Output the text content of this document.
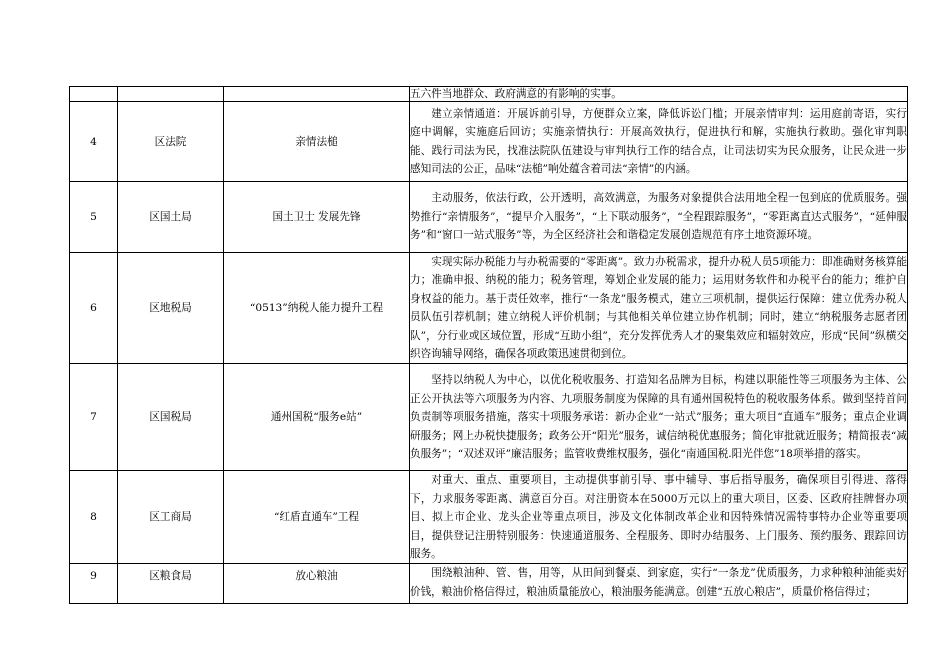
			五六件当地群众、政府满意的有影响的实事。

4	区法院	亲情法槌	建立亲情通道：开展诉前引导，方便群众立案，降低诉讼门槛；开展亲情审判：运用庭前寄语，实行庭中调解，实施庭后回访；实施亲情执行：开展高效执行，促进执行和解，实施执行救助。强化审判职能、践行司法为民，找准法院队伍建设与审判执行工作的结合点，让司法切实为民众服务，让民众进一步感知司法的公正，品味“法槌”响处蕴含着司法“亲情”的内涵。

5	区国土局	国土卫士 发展先锋	主动服务，依法行政，公开透明，高效满意，为服务对象提供合法用地全程一包到底的优质服务。强势推行“亲情服务”，“提早介入服务”，“上下联动服务”，“全程跟踪服务”，“零距离直达式服务”，“延伸服务”和“窗口一站式服务”等，为全区经济社会和谐稳定发展创造规范有序土地资源环境。

6	区地税局	“0513”纳税人能力提升工程	实现实际办税能力与办税需要的“零距离”。致力办税需求，提升办税人员5项能力：即准确财务核算能力；准确申报、纳税的能力；税务管理，筹划企业发展的能力；运用财务软件和办税平台的能力；维护自身权益的能力。基于责任效率，推行“一条龙”服务模式，建立三项机制，提供运行保障：建立优秀办税人员队伍引荐机制；建立纳税人评价机制；与其他相关单位建立协作机制；同时，建立“纳税服务志愿者团队”，分行业或区域位置，形成“互助小组”，充分发挥优秀人才的聚集效应和辐射效应，形成“民间”纵横交织咨询辅导网络，确保各项政策迅速贯彻到位。

7	区国税局	通州国税“服务e站”	坚持以纳税人为中心，以优化税收服务、打造知名品牌为目标，构建以职能性等三项服务为主体、公正公开执法等六项服务为内容、九项服务制度为保障的具有通州国税特色的税收服务体系。做到坚持首问负责制等项服务措施，落实十项服务承诺：新办企业“一站式”服务；重大项目“直通车”服务；重点企业调研服务；网上办税快捷服务；政务公开“阳光”服务，诚信纳税优惠服务；简化审批就近服务；精简报表“减负服务”；“双述双评”廉洁服务；监管收费维权服务，强化“南通国税.阳光伴您”18项举措的落实。

8	区工商局	“红盾直通车”工程	对重大、重点、重要项目，主动提供事前引导、事中辅导、事后指导服务，确保项目引得进、落得下，力求服务零距离、满意百分百。对注册资本在5000万元以上的重大项目，区委、区政府挂牌督办项目、拟上市企业、龙头企业等重点项目，涉及文化体制改革企业和因特殊情况需特事特办企业等重要项目，提供登记注册特别服务：快速通道服务、全程服务、即时办结服务、上门服务、预约服务、跟踪回访服务。

9	区粮食局	放心粮油	围绕粮油种、管、售，用等，从田间到餐桌、到家庭，实行“一条龙”优质服务，力求种粮种油能卖好价钱，粮油价格信得过，粮油质量能放心，粮油服务能满意。创建“五放心粮店”，质量价格信得过；
